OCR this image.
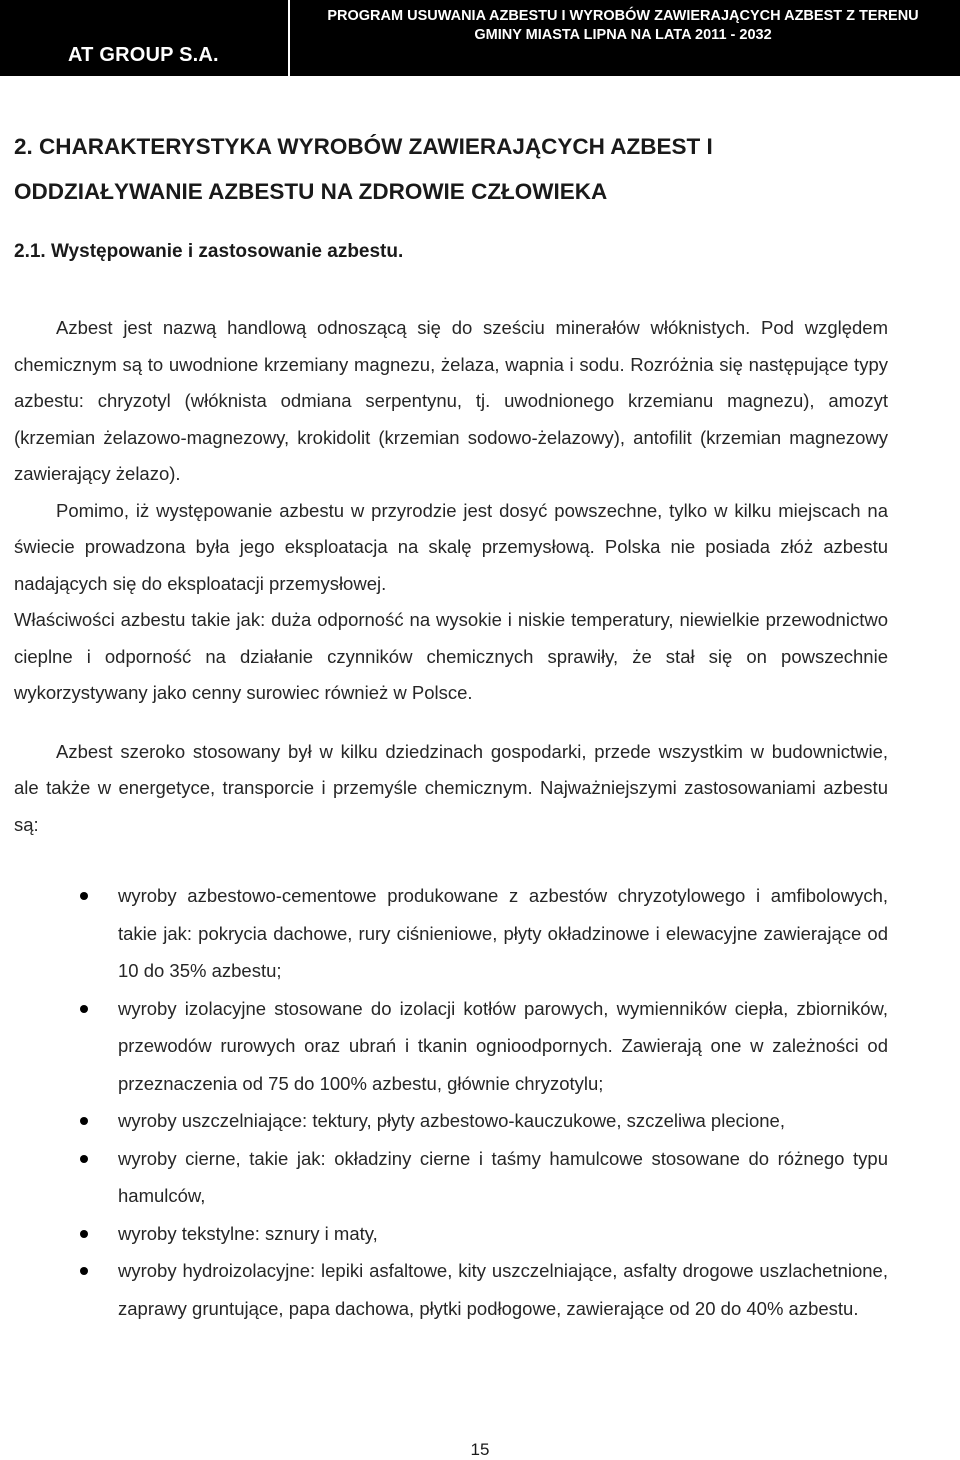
AT GROUP S.A.
PROGRAM USUWANIA AZBESTU I WYROBÓW ZAWIERAJĄCYCH AZBEST Z TERENU
GMINY MIASTA LIPNA NA LATA 2011 - 2032
2. CHARAKTERYSTYKA WYROBÓW ZAWIERAJĄCYCH AZBEST I ODDZIAŁYWANIE AZBESTU NA ZDROWIE CZŁOWIEKA
2.1. Występowanie i zastosowanie azbestu.

Azbest jest nazwą handlową odnoszącą się do sześciu minerałów włóknistych. Pod względem chemicznym są to uwodnione krzemiany magnezu, żelaza, wapnia i sodu. Rozróżnia się następujące typy azbestu: chryzotyl (włóknista odmiana serpentynu, tj. uwodnionego krzemianu magnezu), amozyt (krzemian żelazowo-magnezowy, krokidolit (krzemian sodowo-żelazowy), antofilit (krzemian magnezowy zawierający żelazo).

Pomimo, iż występowanie azbestu w przyrodzie jest dosyć powszechne, tylko w kilku miejscach na świecie prowadzona była jego eksploatacja na skalę przemysłową. Polska nie posiada złóż azbestu nadających się do eksploatacji przemysłowej.

Właściwości azbestu takie jak: duża odporność na wysokie i niskie temperatury, niewielkie przewodnictwo cieplne i odporność na działanie czynników chemicznych sprawiły, że stał się on powszechnie wykorzystywany jako cenny surowiec również w Polsce.

Azbest szeroko stosowany był w kilku dziedzinach gospodarki, przede wszystkim w budownictwie, ale także w energetyce, transporcie i przemyśle chemicznym. Najważniejszymi zastosowaniami azbestu są:

wyroby azbestowo-cementowe produkowane z azbestów chryzotylowego i amfibolowych, takie jak: pokrycia dachowe, rury ciśnieniowe, płyty okładzinowe i elewacyjne zawierające od 10 do 35% azbestu;
wyroby izolacyjne stosowane do izolacji kotłów parowych, wymienników ciepła, zbiorników, przewodów rurowych oraz ubrań i tkanin ognioodpornych. Zawierają one w zależności od przeznaczenia od 75 do 100% azbestu, głównie chryzotylu;
wyroby uszczelniające: tektury, płyty azbestowo-kauczukowe, szczeliwa plecione,
wyroby cierne, takie jak: okładziny cierne i taśmy hamulcowe stosowane do różnego typu hamulców,
wyroby tekstylne: sznury i maty,
wyroby hydroizolacyjne: lepiki asfaltowe, kity uszczelniające, asfalty drogowe uszlachetnione, zaprawy gruntujące, papa dachowa, płytki podłogowe, zawierające od 20 do 40% azbestu.
15
